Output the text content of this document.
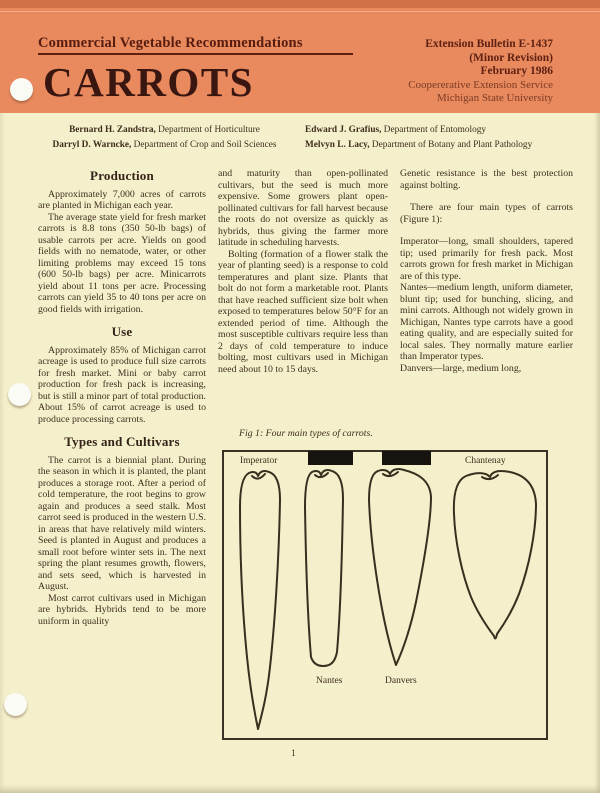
Commercial Vegetable Recommendations
CARROTS
Extension Bulletin E-1437
(Minor Revision)
February 1986
Coopererative Extension Service
Michigan State University
Bernard H. Zandstra, Department of Horticulture
Darryl D. Warncke, Department of Crop and Soil Sciences
Edward J. Grafius, Department of Entomology
Melvyn L. Lacy, Department of Botany and Plant Pathology
Production

Approximately 7,000 acres of carrots are planted in Michigan each year.

The average state yield for fresh market carrots is 8.8 tons (350 50-lb bags) of usable carrots per acre. Yields on good fields with no nematode, water, or other limiting problems may exceed 15 tons (600 50-lb bags) per acre. Minicarrots yield about 11 tons per acre. Processing carrots can yield 35 to 40 tons per acre on good fields with irrigation.

Use

Approximately 85% of Michigan carrot acreage is used to produce full size carrots for fresh market. Mini or baby carrot production for fresh pack is increasing, but is still a minor part of total production. About 15% of carrot acreage is used to produce processing carrots.

Types and Cultivars

The carrot is a biennial plant. During the season in which it is planted, the plant produces a storage root. After a period of cold temperature, the root begins to grow again and produces a seed stalk. Most carrot seed is produced in the western U.S. in areas that have relatively mild winters. Seed is planted in August and produces a small root before winter sets in. The next spring the plant resumes growth, flowers, and sets seed, which is harvested in August.

Most carrot cultivars used in Michigan are hybrids. Hybrids tend to be more uniform in quality

and maturity than open-pollinated cultivars, but the seed is much more expensive. Some growers plant open-pollinated cultivars for fall harvest because the roots do not oversize as quickly as hybrids, thus giving the farmer more latitude in scheduling harvests.

Bolting (formation of a flower stalk the year of planting seed) is a response to cold temperatures and plant size. Plants that bolt do not form a marketable root. Plants that have reached sufficient size bolt when exposed to temperatures below 50°F for an extended period of time. Although the most susceptible cultivars require less than 2 days of cold temperature to induce bolting, most cultivars used in Michigan need about 10 to 15 days.

Genetic resistance is the best protection against bolting.

There are four main types of carrots (Figure 1):

Imperator—long, small shoulders, tapered tip; used primarily for fresh pack. Most carrots grown for fresh market in Michigan are of this type.

Nantes—medium length, uniform diameter, blunt tip; used for bunching, slicing, and mini carrots. Although not widely grown in Michigan, Nantes type carrots have a good eating quality, and are especially suited for local sales. They normally mature earlier than Imperator types.

Danvers—large, medium long,

Fig 1: Four main types of carrots.
Imperator	Chantenay
Nantes	Danvers
1
